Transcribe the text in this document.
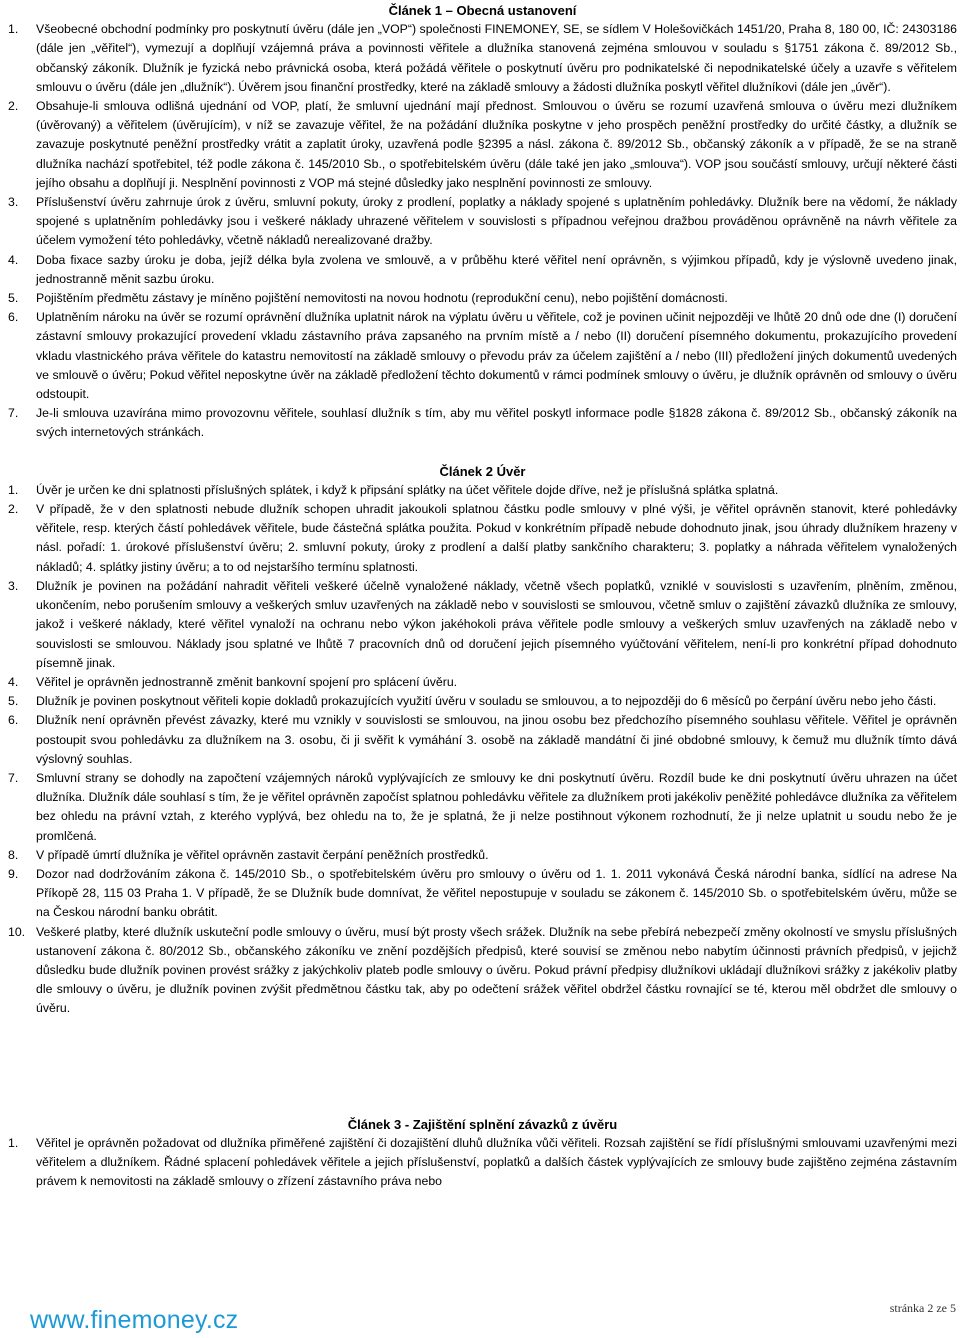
Článek 1 – Obecná ustanovení
1.	Všeobecné obchodní podmínky pro poskytnutí úvěru (dále jen „VOP“) společnosti FINEMONEY, SE, se sídlem V Holešovičkách 1451/20, Praha 8, 180 00, IČ: 24303186 (dále jen „věřitel“), vymezují a doplňují vzájemná práva a povinnosti věřitele a dlužníka stanovená zejména smlouvou v souladu s §1751 zákona č. 89/2012 Sb., občanský zákoník. Dlužník je fyzická nebo právnická osoba, která požádá věřitele o poskytnutí úvěru pro podnikatelské či nepodnikatelské účely a uzavře s věřitelem smlouvu o úvěru (dále jen „dlužník“). Úvěrem jsou finanční prostředky, které na základě smlouvy a žádosti dlužníka poskytl věřitel dlužníkovi (dále jen „úvěr“).
2.	Obsahuje-li smlouva odlišná ujednání od VOP, platí, že smluvní ujednání mají přednost. Smlouvou o úvěru se rozumí uzavřená smlouva o úvěru mezi dlužníkem (úvěrovaný) a věřitelem (úvěrujícím), v níž se zavazuje věřitel, že na požádání dlužníka poskytne v jeho prospěch peněžní prostředky do určité částky, a dlužník se zavazuje poskytnuté peněžní prostředky vrátit a zaplatit úroky, uzavřená podle §2395 a násl. zákona č. 89/2012 Sb., občanský zákoník a v případě, že se na straně dlužníka nachází spotřebitel, též podle zákona č. 145/2010 Sb., o spotřebitelském úvěru (dále také jen jako „smlouva“). VOP jsou součástí smlouvy, určují některé části jejího obsahu a doplňují ji. Nesplnění povinnosti z VOP má stejné důsledky jako nesplnění povinnosti ze smlouvy.
3.	Příslušenství úvěru zahrnuje úrok z úvěru, smluvní pokuty, úroky z prodlení, poplatky a náklady spojené s uplatněním pohledávky. Dlužník bere na vědomí, že náklady spojené s uplatněním pohledávky jsou i veškeré náklady uhrazené věřitelem v souvislosti s případnou veřejnou dražbou prováděnou oprávněně na návrh věřitele za účelem vymožení této pohledávky, včetně nákladů nerealizované dražby.
4.	Doba fixace sazby úroku je doba, jejíž délka byla zvolena ve smlouvě, a v průběhu které věřitel není oprávněn, s výjimkou případů, kdy je výslovně uvedeno jinak, jednostranně měnit sazbu úroku.
5.	Pojištěním předmětu zástavy je míněno pojištění nemovitosti na novou hodnotu (reprodukční cenu), nebo pojištění domácnosti.
6.	Uplatněním nároku na úvěr se rozumí oprávnění dlužníka uplatnit nárok na výplatu úvěru u věřitele, což je povinen učinit nejpozději ve lhůtě 20 dnů ode dne (I) doručení zástavní smlouvy prokazující provedení vkladu zástavního práva zapsaného na prvním místě a / nebo (II) doručení písemného dokumentu, prokazujícího provedení vkladu vlastnického práva věřitele do katastru nemovitostí na základě smlouvy o převodu práv za účelem zajištění a / nebo (III) předložení jiných dokumentů uvedených ve smlouvě o úvěru; Pokud věřitel neposkytne úvěr na základě předložení těchto dokumentů v rámci podmínek smlouvy o úvěru, je dlužník oprávněn od smlouvy o úvěru odstoupit.
7.	Je-li smlouva uzavírána mimo provozovnu věřitele, souhlasí dlužník s tím, aby mu věřitel poskytl informace podle §1828 zákona č. 89/2012 Sb., občanský zákoník na svých internetových stránkách.
Článek 2 Úvěr
1.	Úvěr je určen ke dni splatnosti příslušných splátek, i když k připsání splátky na účet věřitele dojde dříve, než je příslušná splátka splatná.
2.	V případě, že v den splatnosti nebude dlužník schopen uhradit jakoukoli splatnou částku podle smlouvy v plné výši, je věřitel oprávněn stanovit, které pohledávky věřitele, resp. kterých částí pohledávek věřitele, bude částečná splátka použita. Pokud v konkrétním případě nebude dohodnuto jinak, jsou úhrady dlužníkem hrazeny v násl. pořadí: 1. úrokové příslušenství úvěru; 2. smluvní pokuty, úroky z prodlení a další platby sankčního charakteru; 3. poplatky a náhrada věřitelem vynaložených nákladů; 4. splátky jistiny úvěru; a to od nejstaršího termínu splatnosti.
3.	Dlužník je povinen na požádání nahradit věřiteli veškeré účelně vynaložené náklady, včetně všech poplatků, vzniklé v souvislosti s uzavřením, plněním, změnou, ukončením, nebo porušením smlouvy a veškerých smluv uzavřených na základě nebo v souvislosti se smlouvou, včetně smluv o zajištění závazků dlužníka ze smlouvy, jakož i veškeré náklady, které věřitel vynaloží na ochranu nebo výkon jakéhokoli práva věřitele podle smlouvy a veškerých smluv uzavřených na základě nebo v souvislosti se smlouvou. Náklady jsou splatné ve lhůtě 7 pracovních dnů od doručení jejich písemného vyúčtování věřitelem, není-li pro konkrétní případ dohodnuto písemně jinak.
4.	Věřitel je oprávněn jednostranně změnit bankovní spojení pro splácení úvěru.
5.	Dlužník je povinen poskytnout věřiteli kopie dokladů prokazujících využití úvěru v souladu se smlouvou, a to nejpozději do 6 měsíců po čerpání úvěru nebo jeho části.
6.	Dlužník není oprávněn převést závazky, které mu vznikly v souvislosti se smlouvou, na jinou osobu bez předchozího písemného souhlasu věřitele. Věřitel je oprávněn postoupit svou pohledávku za dlužníkem na 3. osobu, či ji svěřit k vymáhání 3. osobě na základě mandátní či jiné obdobné smlouvy, k čemuž mu dlužník tímto dává výslovný souhlas.
7.	Smluvní strany se dohodly na započtení vzájemných nároků vyplývajících ze smlouvy ke dni poskytnutí úvěru. Rozdíl bude ke dni poskytnutí úvěru uhrazen na účet dlužníka. Dlužník dále souhlasí s tím, že je věřitel oprávněn započíst splatnou pohledávku věřitele za dlužníkem proti jakékoliv peněžité pohledávce dlužníka za věřitelem bez ohledu na právní vztah, z kterého vyplývá, bez ohledu na to, že je splatná, že ji nelze postihnout výkonem rozhodnutí, že ji nelze uplatnit u soudu nebo že je promlčená.
8.	V případě úmrtí dlužníka je věřitel oprávněn zastavit čerpání peněžních prostředků.
9.	Dozor nad dodržováním zákona č. 145/2010 Sb., o spotřebitelském úvěru pro smlouvy o úvěru od 1. 1. 2011 vykonává Česká národní banka, sídlící na adrese Na Příkopě 28, 115 03 Praha 1. V případě, že se Dlužník bude domnívat, že věřitel nepostupuje v souladu se zákonem č. 145/2010 Sb. o spotřebitelském úvěru, může se na Českou národní banku obrátit.
10. Veškeré platby, které dlužník uskuteční podle smlouvy o úvěru, musí být prosty všech srážek. Dlužník na sebe přebírá nebezpečí změny okolností ve smyslu příslušných ustanovení zákona č. 80/2012 Sb., občanského zákoníku ve znění pozdějších předpisů, které souvisí se změnou nebo nabytím účinnosti právních předpisů, v jejichž důsledku bude dlužník povinen provést srážky z jakýchkoliv plateb podle smlouvy o úvěru. Pokud právní předpisy dlužníkovi ukládají dlužníkovi srážky z jakékoliv platby dle smlouvy o úvěru, je dlužník povinen zvýšit předmětnou částku tak, aby po odečtení srážek věřitel obdržel částku rovnající se té, kterou měl obdržet dle smlouvy o úvěru.
Článek 3 - Zajištění splnění závazků z úvěru
1.	Věřitel je oprávněn požadovat od dlužníka přiměřené zajištění či dozajištění dluhů dlužníka vůči věřiteli. Rozsah zajištění se řídí příslušnými smlouvami uzavřenými mezi věřitelem a dlužníkem. Řádné splacení pohledávek věřitele a jejich příslušenství, poplatků a dalších částek vyplývajících ze smlouvy bude zajištěno zejména zástavním právem k nemovitosti na základě smlouvy o zřízení zástavního práva nebo
www.finemoney.cz	stránka 2 ze 5
